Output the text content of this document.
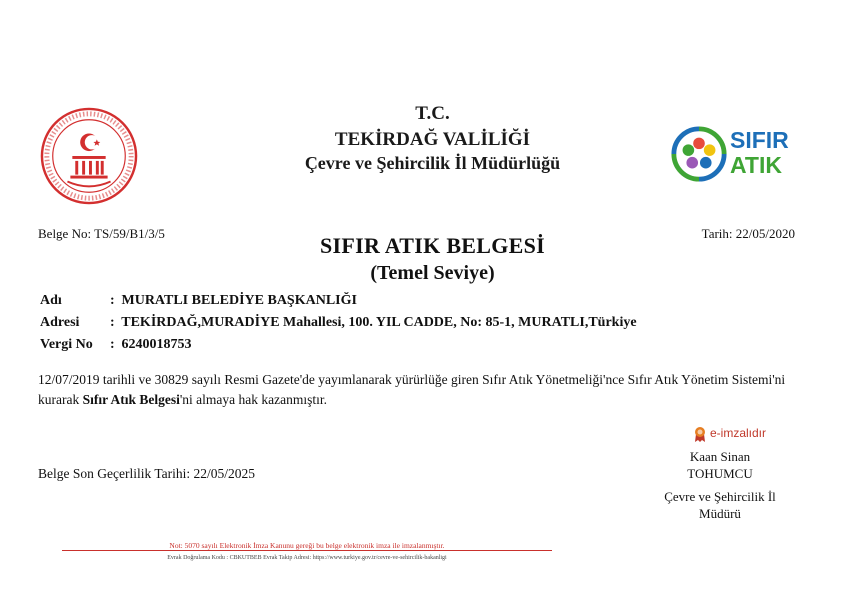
SIFIR
ATIK
T.C.
TEKİRDAĞ VALİLİĞİ
Çevre ve Şehircilik İl Müdürlüğü
Belge No: TS/59/B1/3/5	Tarih: 22/05/2020
SIFIR ATIK BELGESİ
(Temel Seviye)
Adı	: MURATLI BELEDİYE BAŞKANLIĞI
Adresi : TEKİRDAĞ,MURADİYE Mahallesi, 100. YIL CADDE, No: 85-1, MURATLI,Türkiye
Vergi No : 6240018753
12/07/2019 tarihli ve 30829 sayılı Resmi Gazete'de yayımlanarak yürürlüğe giren Sıfır Atık Yönetmeliği'nce Sıfır Atık Yönetim Sistemi'ni kurarak Sıfır Atık Belgesi'ni almaya hak kazanmıştır.
Belge Son Geçerlilik Tarihi: 22/05/2025
e-imzalıdır
Kaan Sinan
TOHUMCU
Çevre ve Şehircilik İl
Müdürü
Not: 5070 sayılı Elektronik İmza Kanunu gereği bu belge elektronik imza ile imzalanmıştır.
Evrak Doğrulama Kodu : CBKUTBEB Evrak Takip Adresi: https://www.turkiye.gov.tr/cevre-ve-sehircilik-bakanligi
